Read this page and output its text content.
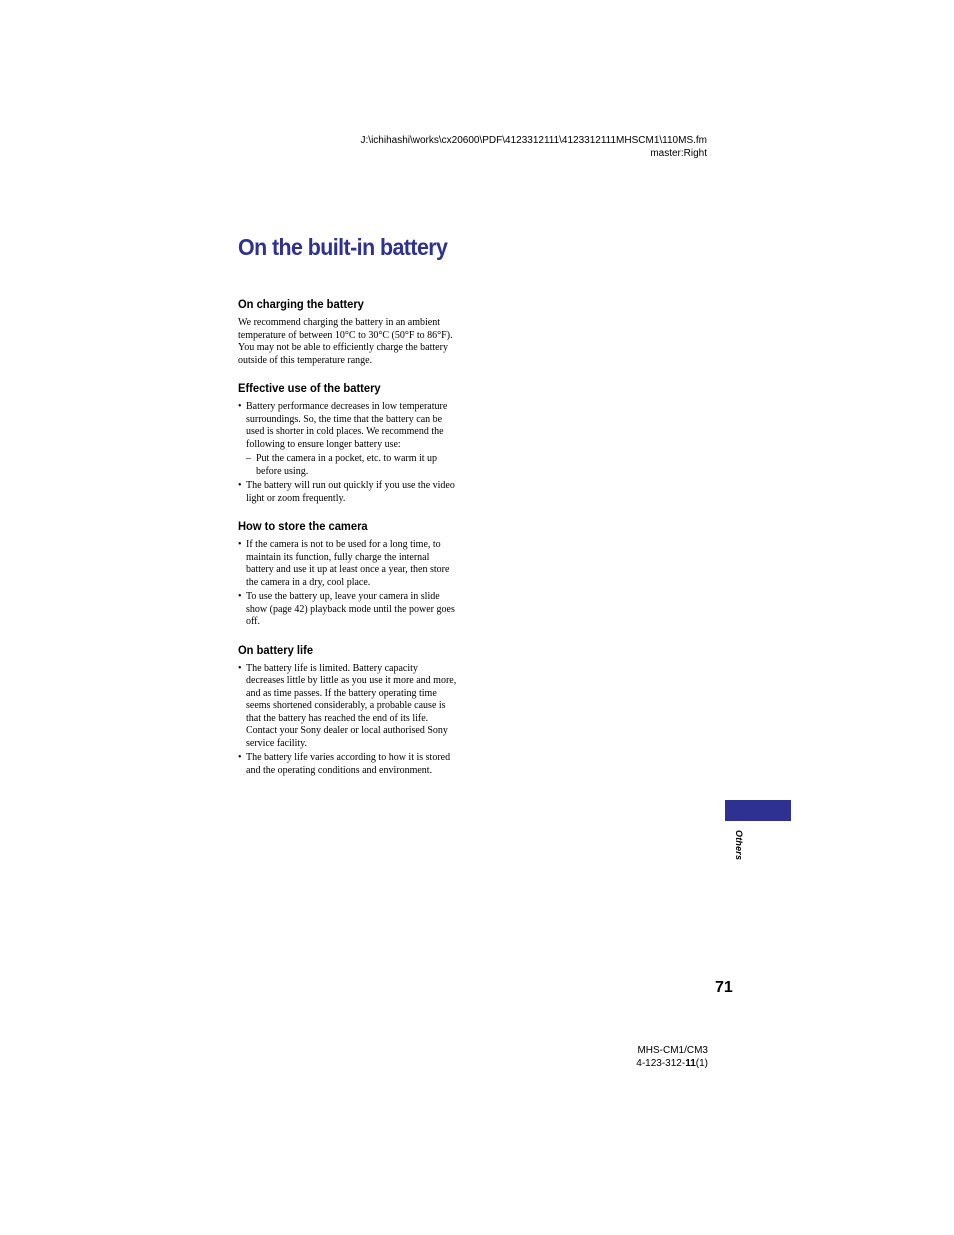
J:\ichihashi\works\cx20600\PDF\4123312111\4123312111MHSCM1\110MS.fm
master:Right
On the built-in battery
On charging the battery

We recommend charging the battery in an ambient temperature of between 10°C to 30°C (50°F to 86°F). You may not be able to efficiently charge the battery outside of this temperature range.

Effective use of the battery
• Battery performance decreases in low temperature surroundings. So, the time that the battery can be used is shorter in cold places. We recommend the following to ensure longer battery use:
– Put the camera in a pocket, etc. to warm it up before using.
• The battery will run out quickly if you use the video light or zoom frequently.
How to store the camera
• If the camera is not to be used for a long time, to maintain its function, fully charge the internal battery and use it up at least once a year, then store the camera in a dry, cool place.
• To use the battery up, leave your camera in slide show (page 42) playback mode until the power goes off.
On battery life
• The battery life is limited. Battery capacity decreases little by little as you use it more and more, and as time passes. If the battery operating time seems shortened considerably, a probable cause is that the battery has reached the end of its life. Contact your Sony dealer or local authorised Sony service facility.
• The battery life varies according to how it is stored and the operating conditions and environment.
Others
71
MHS-CM1/CM3
4-123-312-11(1)
